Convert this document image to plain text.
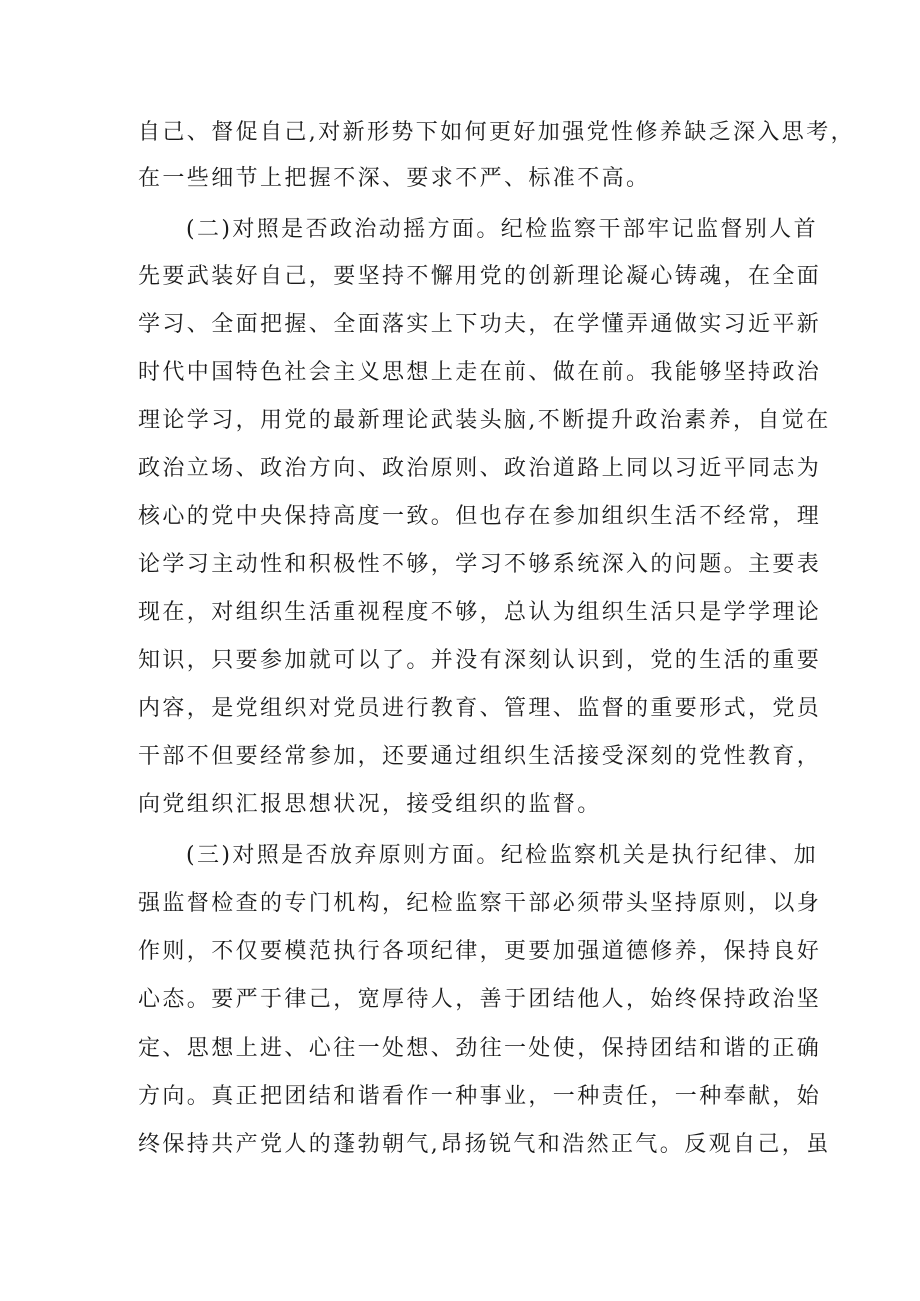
自己、督促自己,对新形势下如何更好加强党性修养缺乏深入思考，
在一些细节上把握不深、要求不严、标准不高。
(二)对照是否政治动摇方面。纪检监察干部牢记监督别人首
先要武装好自己，要坚持不懈用党的创新理论凝心铸魂，在全面
学习、全面把握、全面落实上下功夫，在学懂弄通做实习近平新
时代中国特色社会主义思想上走在前、做在前。我能够坚持政治
理论学习，用党的最新理论武装头脑,不断提升政治素养，自觉在
政治立场、政治方向、政治原则、政治道路上同以习近平同志为
核心的党中央保持高度一致。但也存在参加组织生活不经常，理
论学习主动性和积极性不够，学习不够系统深入的问题。主要表
现在，对组织生活重视程度不够，总认为组织生活只是学学理论
知识，只要参加就可以了。并没有深刻认识到，党的生活的重要
内容，是党组织对党员进行教育、管理、监督的重要形式，党员
干部不但要经常参加，还要通过组织生活接受深刻的党性教育，
向党组织汇报思想状况，接受组织的监督。
(三)对照是否放弃原则方面。纪检监察机关是执行纪律、加
强监督检查的专门机构，纪检监察干部必须带头坚持原则，以身
作则，不仅要模范执行各项纪律，更要加强道德修养，保持良好
心态。要严于律己，宽厚待人，善于团结他人，始终保持政治坚
定、思想上进、心往一处想、劲往一处使，保持团结和谐的正确
方向。真正把团结和谐看作一种事业，一种责任，一种奉献，始
终保持共产党人的蓬勃朝气,昂扬锐气和浩然正气。反观自己，虽
